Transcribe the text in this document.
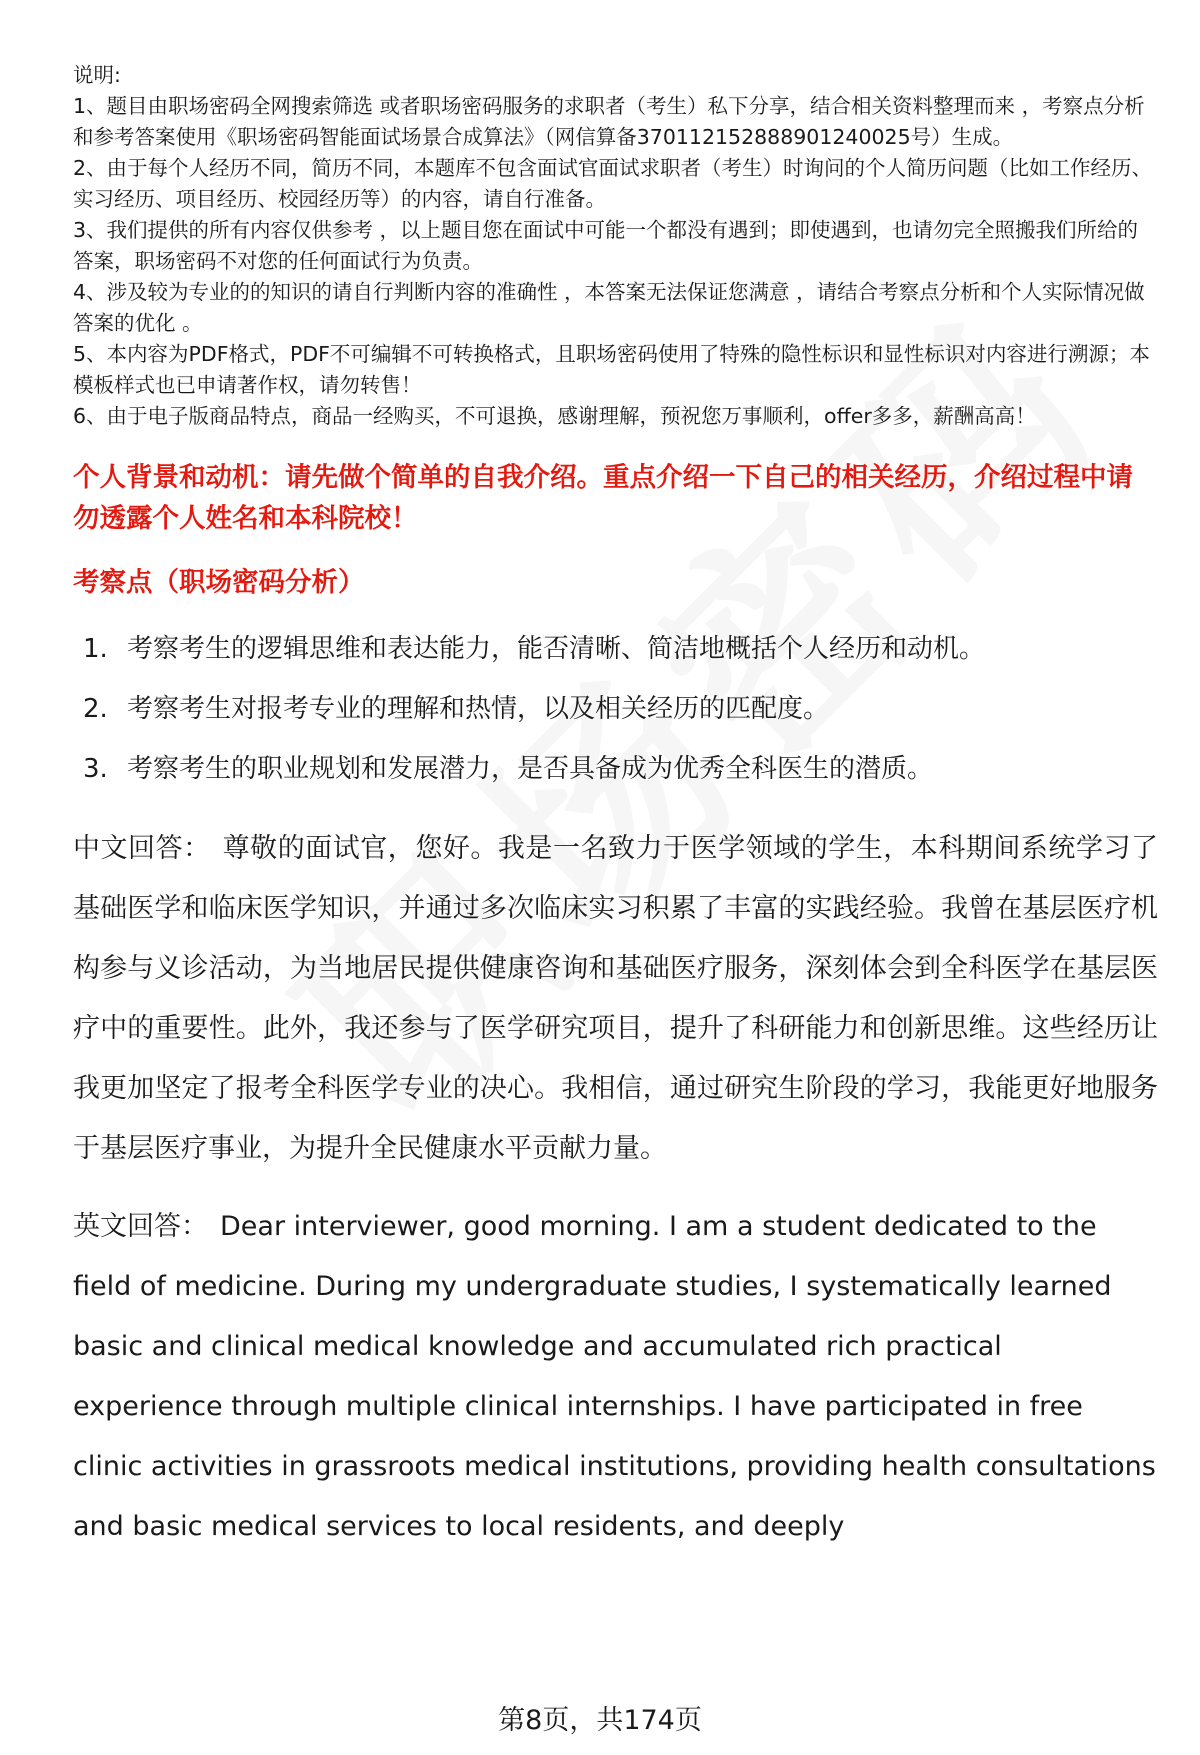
说明:

1、题目由职场密码全网搜索筛选 或者职场密码服务的求职者（考生）私下分享，结合相关资料整理而来 ，考察点分析和参考答案使用《职场密码智能面试场景合成算法》（网信算备370112152888901240025号）生成。

2、由于每个人经历不同，简历不同，本题库不包含面试官面试求职者（考生）时询问的个人简历问题（比如工作经历、实习经历、项目经历、校园经历等）的内容，请自行准备。

3、我们提供的所有内容仅供参考 ，以上题目您在面试中可能一个都没有遇到；即使遇到，也请勿完全照搬我们所给的答案，职场密码不对您的任何面试行为负责。

4、涉及较为专业的的知识的请自行判断内容的准确性 ，本答案无法保证您满意 ，请结合考察点分析和个人实际情况做答案的优化 。

5、本内容为PDF格式，PDF不可编辑不可转换格式，且职场密码使用了特殊的隐性标识和显性标识对内容进行溯源；本模板样式也已申请著作权，请勿转售！

6、由于电子版商品特点，商品一经购买，不可退换，感谢理解，预祝您万事顺利，offer多多，薪酬高高！

个人背景和动机：请先做个简单的自我介绍。重点介绍一下自己的相关经历，介绍过程中请勿透露个人姓名和本科院校！
考察点（职场密码分析）
1. 考察考生的逻辑思维和表达能力，能否清晰、简洁地概括个人经历和动机。
2. 考察考生对报考专业的理解和热情，以及相关经历的匹配度。
3. 考察考生的职业规划和发展潜力，是否具备成为优秀全科医生的潜质。

中文回答： 尊敬的面试官，您好。我是一名致力于医学领域的学生，本科期间系统学习了基础医学和临床医学知识，并通过多次临床实习积累了丰富的实践经验。我曾在基层医疗机构参与义诊活动，为当地居民提供健康咨询和基础医疗服务，深刻体会到全科医学在基层医疗中的重要性。此外，我还参与了医学研究项目，提升了科研能力和创新思维。这些经历让我更加坚定了报考全科医学专业的决心。我相信，通过研究生阶段的学习，我能更好地服务于基层医疗事业，为提升全民健康水平贡献力量。

英文回答： Dear interviewer, good morning. I am a student dedicated to the field of medicine. During my undergraduate studies, I systematically learned basic and clinical medical knowledge and accumulated rich practical experience through multiple clinical internships. I have participated in free clinic activities in grassroots medical institutions, providing health consultations and basic medical services to local residents, and deeply

第8页，共174页
